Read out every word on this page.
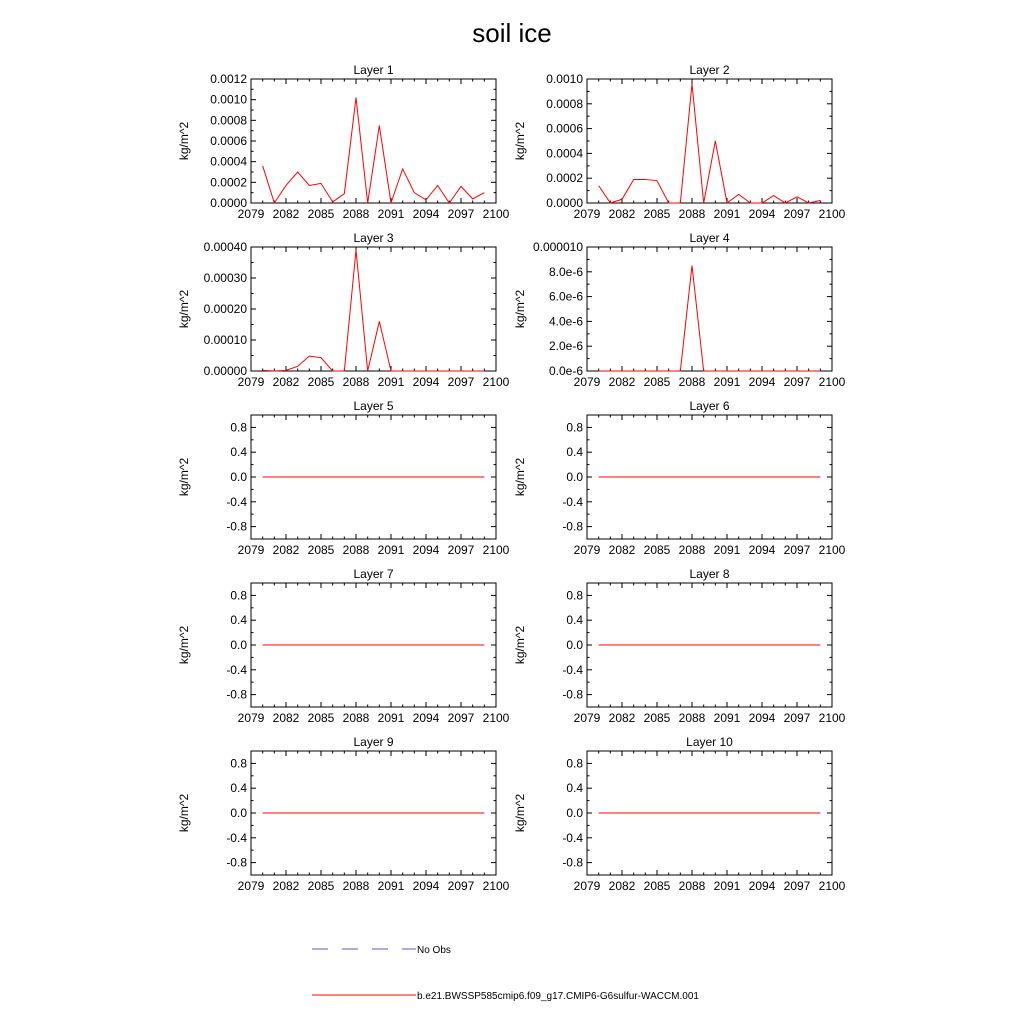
soil ice
Layer 1
2079 2082 2085 2088 2091 2094 2097 2100
0.0000
0.0002
0.0004
0.0006
0.0008
0.0010
0.0012
kg/m^2
Layer 2
2079 2082 2085 2088 2091 2094 2097 2100
0.0000
0.0002
0.0004
0.0006
0.0008
0.0010
kg/m^2
Layer 3
2079 2082 2085 2088 2091 2094 2097 2100
0.00000
0.00010
0.00020
0.00030
0.00040
kg/m^2
Layer 4
2079 2082 2085 2088 2091 2094 2097 2100
0.0e-6
2.0e-6
4.0e-6
6.0e-6
8.0e-6
0.000010
kg/m^2
Layer 5
2079 2082 2085 2088 2091 2094 2097 2100
-0.8
-0.4
0.0
0.4
0.8
kg/m^2
Layer 6
2079 2082 2085 2088 2091 2094 2097 2100
-0.8
-0.4
0.0
0.4
0.8
kg/m^2
Layer 7
2079 2082 2085 2088 2091 2094 2097 2100
-0.8
-0.4
0.0
0.4
0.8
kg/m^2
Layer 8
2079 2082 2085 2088 2091 2094 2097 2100
-0.8
-0.4
0.0
0.4
0.8
kg/m^2
Layer 9
2079 2082 2085 2088 2091 2094 2097 2100
-0.8
-0.4
0.0
0.4
0.8
kg/m^2
Layer 10
2079 2082 2085 2088 2091 2094 2097 2100
-0.8
-0.4
0.0
0.4
0.8
kg/m^2
No Obs
b.e21.BWSSP585cmip6.f09_g17.CMIP6-G6sulfur-WACCM.001
